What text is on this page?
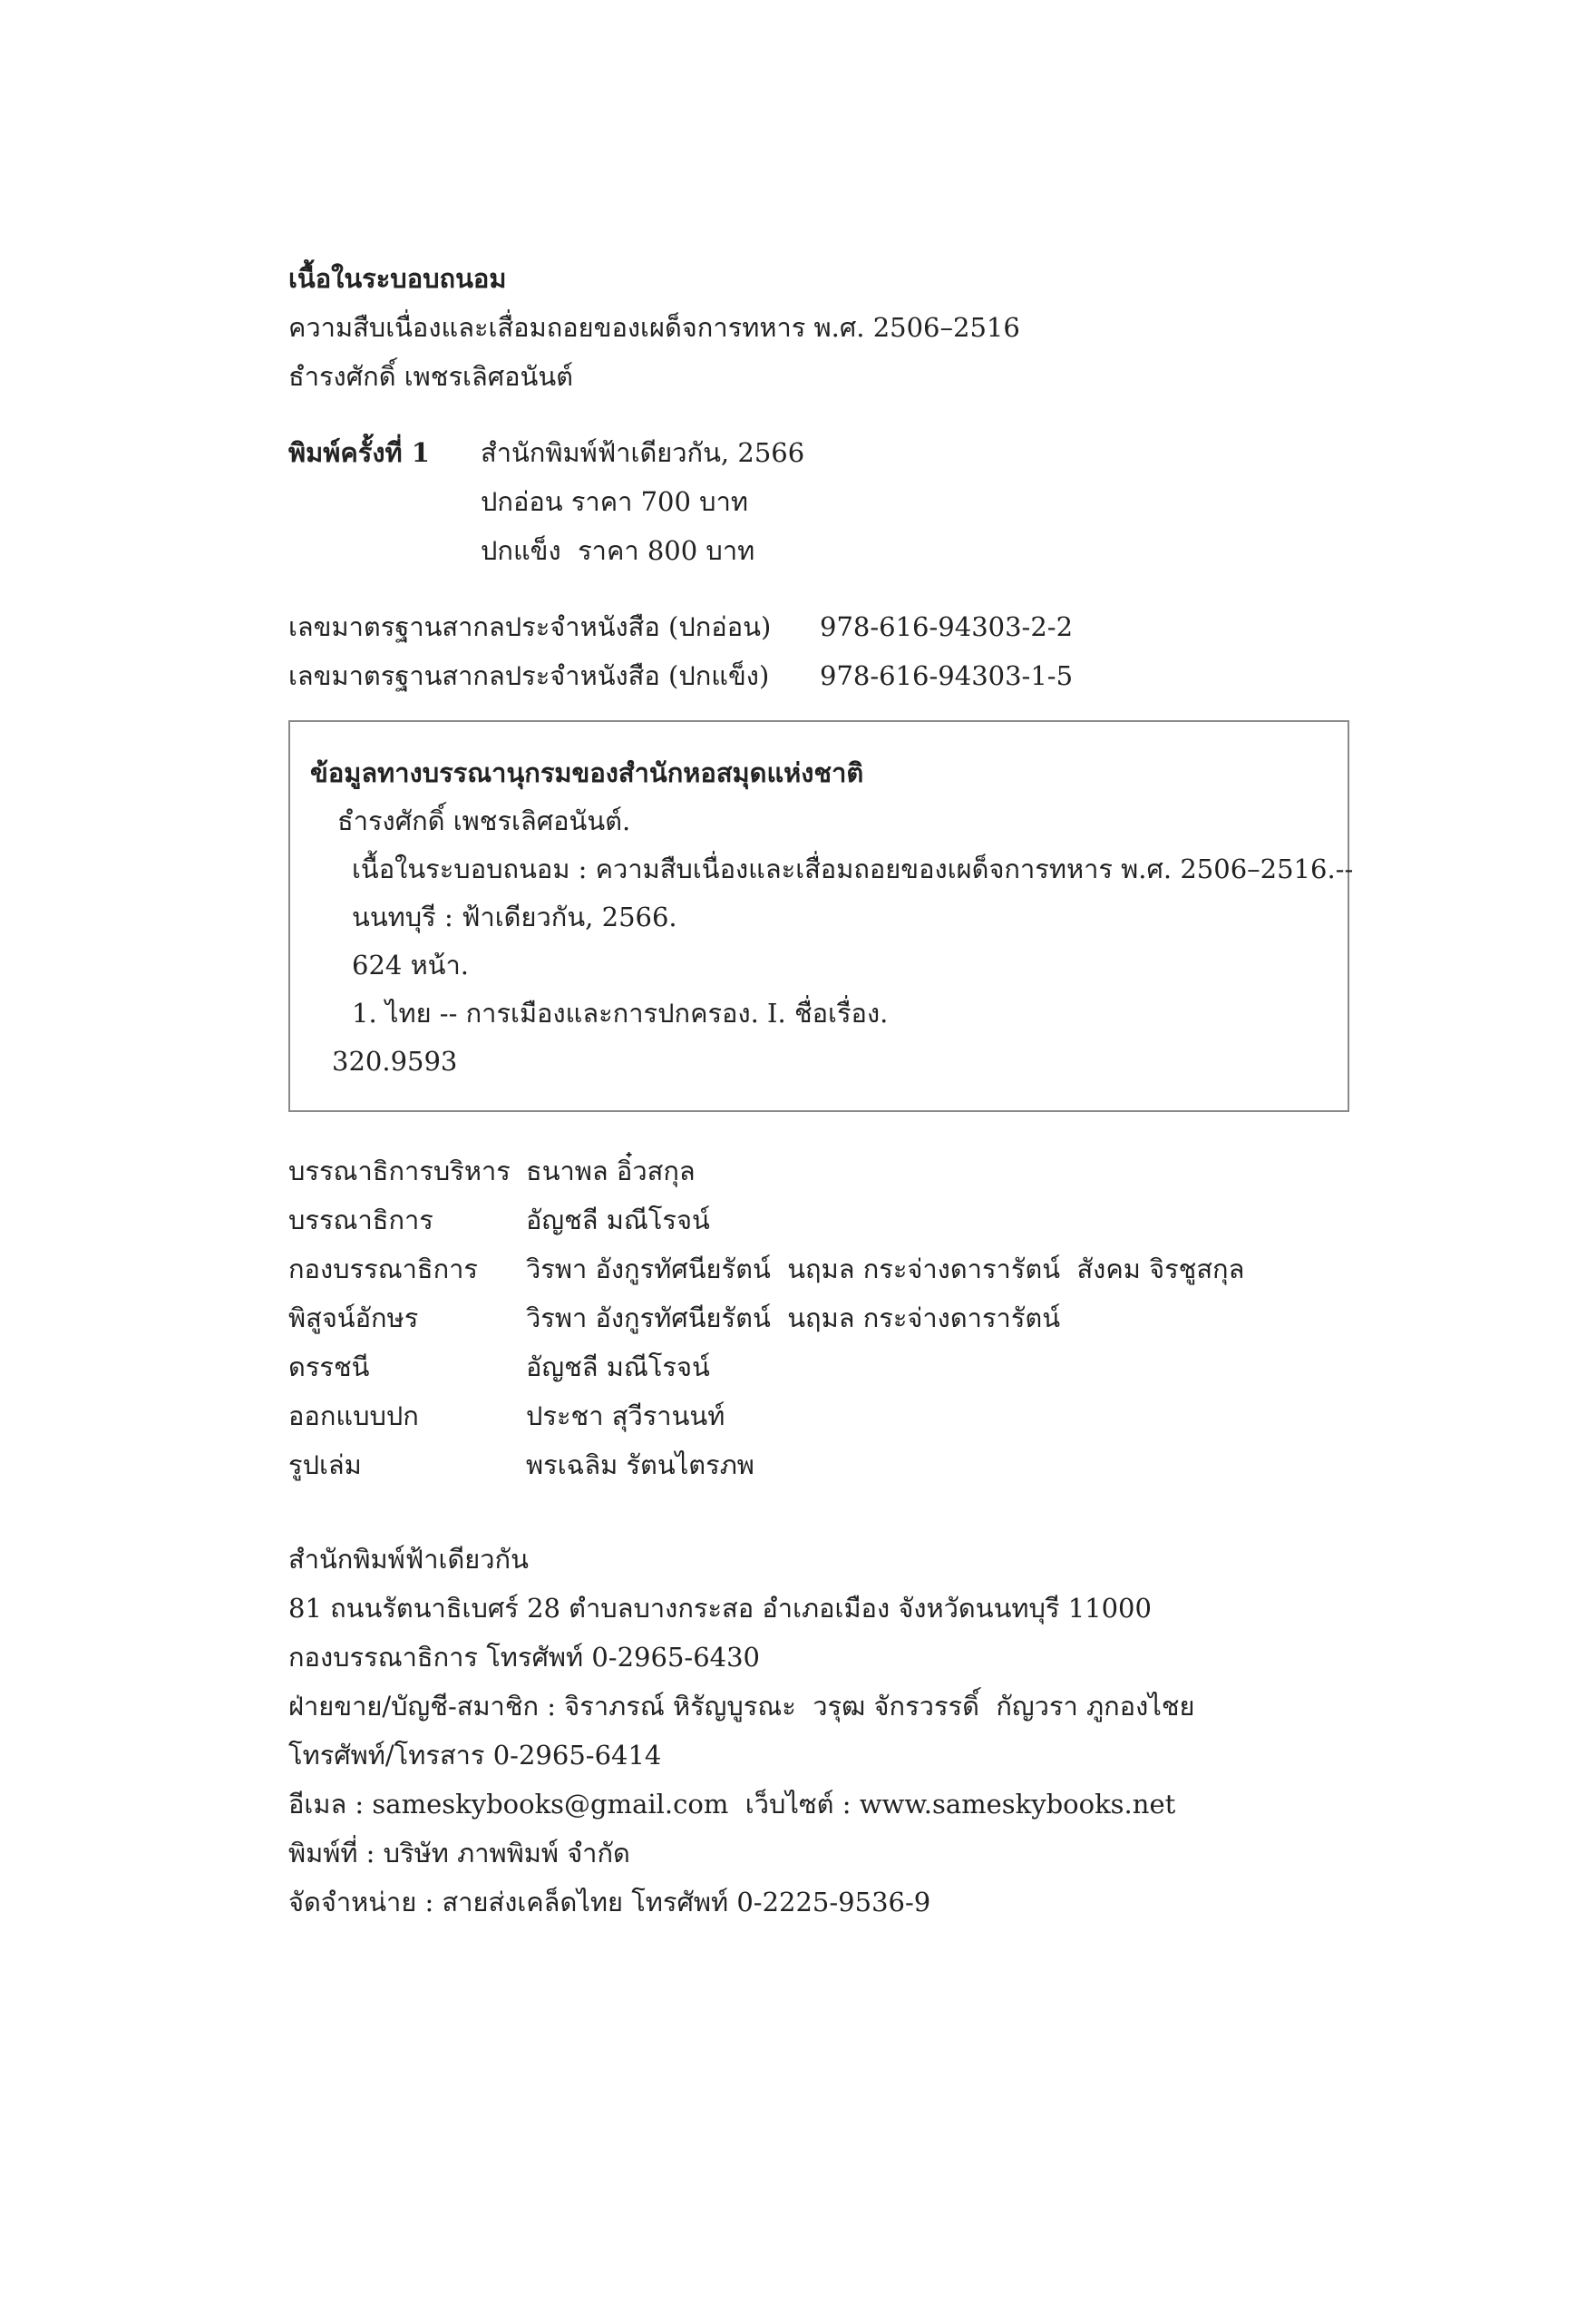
เนื้อในระบอบถนอม
ความสืบเนื่องและเสื่อมถอยของเผด็จการทหาร พ.ศ. 2506–2516
ธำรงศักดิ์ เพชรเลิศอนันต์
พิมพ์ครั้งที่ 1	สำนักพิมพ์ฟ้าเดียวกัน, 2566
ปกอ่อน ราคา 700 บาท
ปกแข็ง  ราคา 800 บาท
เลขมาตรฐานสากลประจำหนังสือ (ปกอ่อน)	978-616-94303-2-2
เลขมาตรฐานสากลประจำหนังสือ (ปกแข็ง)	978-616-94303-1-5
ข้อมูลทางบรรณานุกรมของสำนักหอสมุดแห่งชาติ
ธำรงศักดิ์ เพชรเลิศอนันต์.
เนื้อในระบอบถนอม : ความสืบเนื่องและเสื่อมถอยของเผด็จการทหาร พ.ศ. 2506–2516.--
นนทบุรี : ฟ้าเดียวกัน, 2566.
624 หน้า.
1. ไทย -- การเมืองและการปกครอง. I. ชื่อเรื่อง.
320.9593
บรรณาธิการบริหาร ธนาพล อิ๋วสกุล
บรรณาธิการ	อัญชลี มณีโรจน์
กองบรรณาธิการ	วิรพา อังกูรทัศนียรัตน์  นฤมล กระจ่างดารารัตน์  สังคม จิรชูสกุล
พิสูจน์อักษร	วิรพา อังกูรทัศนียรัตน์  นฤมล กระจ่างดารารัตน์
ดรรชนี	อัญชลี มณีโรจน์
ออกแบบปก	ประชา สุวีรานนท์
รูปเล่ม	พรเฉลิม รัตนไตรภพ
สำนักพิมพ์ฟ้าเดียวกัน
81 ถนนรัตนาธิเบศร์ 28 ตำบลบางกระสอ อำเภอเมือง จังหวัดนนทบุรี 11000
กองบรรณาธิการ โทรศัพท์ 0-2965-6430
ฝ่ายขาย/บัญชี-สมาชิก : จิราภรณ์ หิรัญบูรณะ  วรุฒ จักรวรรดิ์  กัญวรา ภูกองไชย
โทรศัพท์/โทรสาร 0-2965-6414
อีเมล : sameskybooks@gmail.com  เว็บไซต์ : www.sameskybooks.net
พิมพ์ที่ : บริษัท ภาพพิมพ์ จำกัด
จัดจำหน่าย : สายส่งเคล็ดไทย โทรศัพท์ 0-2225-9536-9
